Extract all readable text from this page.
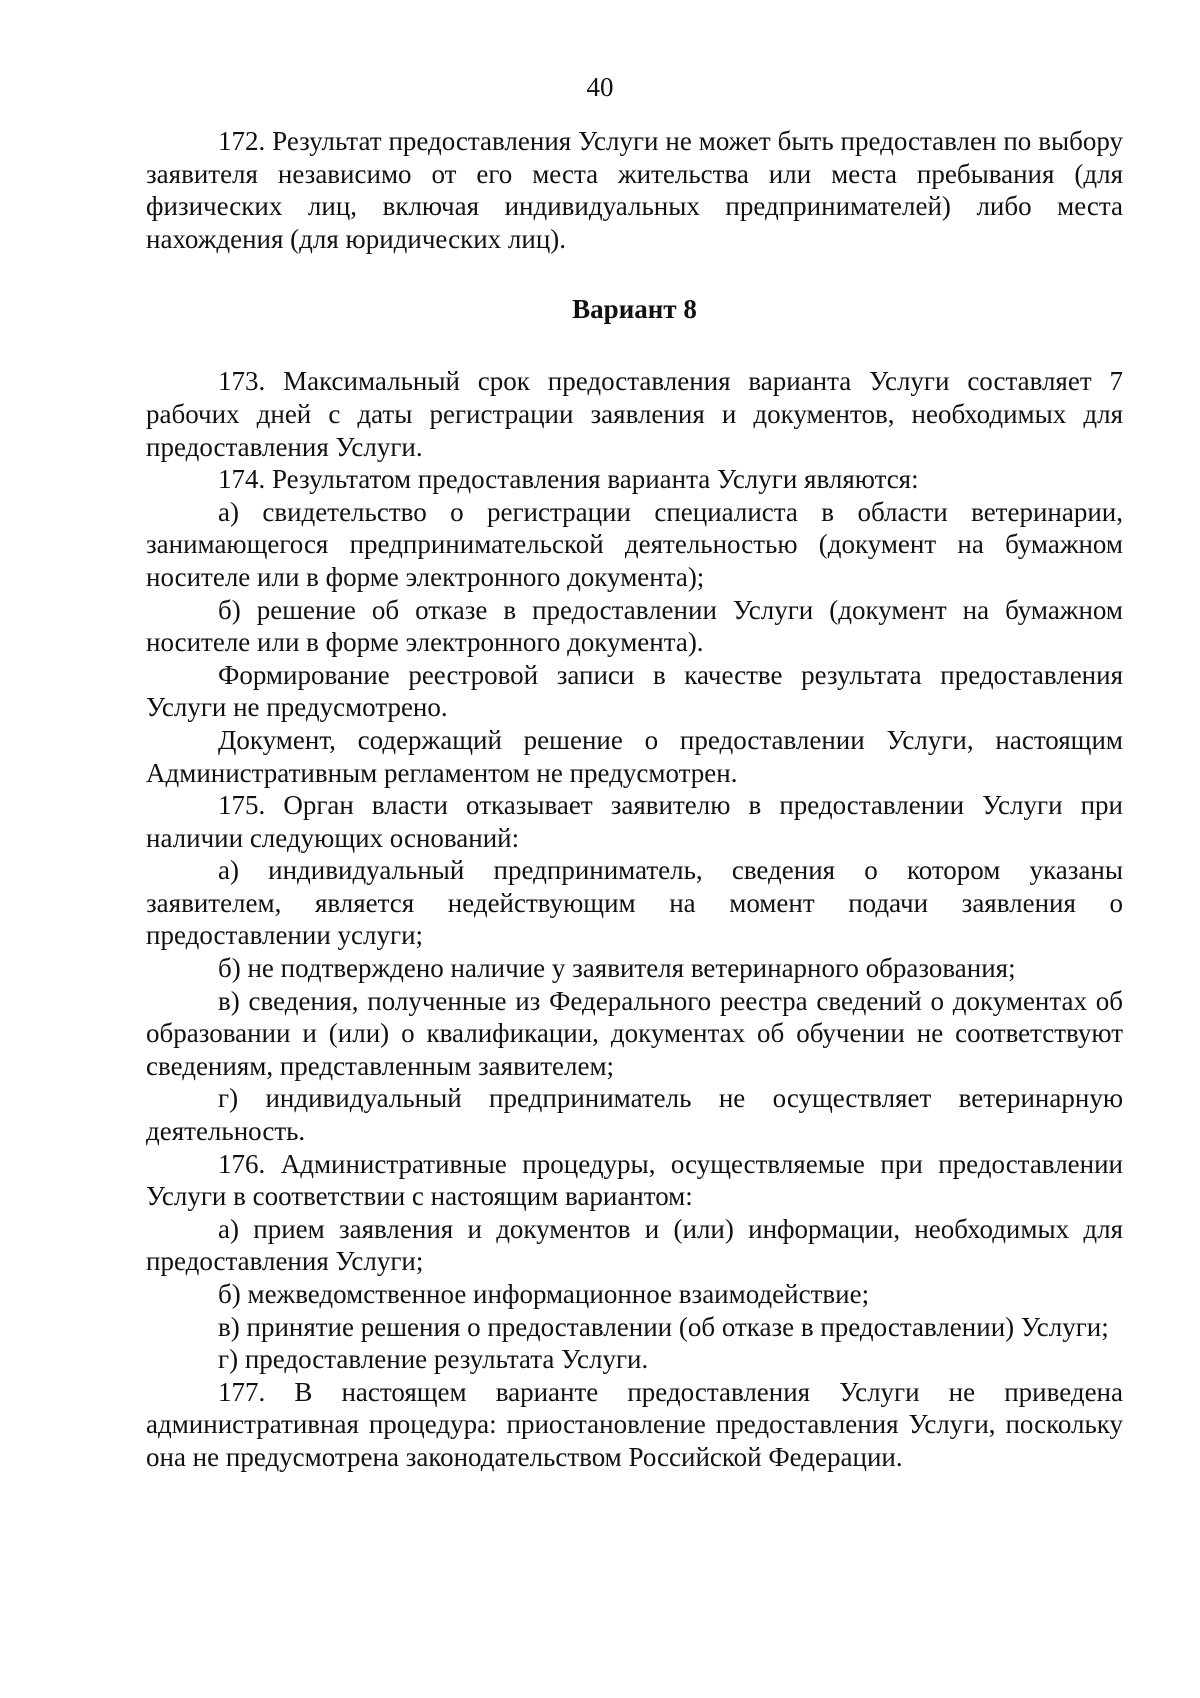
40

172. Результат предоставления Услуги не может быть предоставлен по выбору заявителя независимо от его места жительства или места пребывания (для физических лиц, включая индивидуальных предпринимателей) либо места нахождения (для юридических лиц).

Вариант 8

173. Максимальный срок предоставления варианта Услуги составляет 7 рабочих дней с даты регистрации заявления и документов, необходимых для предоставления Услуги.

174. Результатом предоставления варианта Услуги являются:

а) свидетельство о регистрации специалиста в области ветеринарии, занимающегося предпринимательской деятельностью (документ на бумажном носителе или в форме электронного документа);

б) решение об отказе в предоставлении Услуги (документ на бумажном носителе или в форме электронного документа).

Формирование реестровой записи в качестве результата предоставления Услуги не предусмотрено.

Документ, содержащий решение о предоставлении Услуги, настоящим Административным регламентом не предусмотрен.

175. Орган власти отказывает заявителю в предоставлении Услуги при наличии следующих оснований:

а) индивидуальный предприниматель, сведения о котором указаны заявителем, является недействующим на момент подачи заявления о предоставлении услуги;

б) не подтверждено наличие у заявителя ветеринарного образования;

в) сведения, полученные из Федерального реестра сведений о документах об образовании и (или) о квалификации, документах об обучении не соответствуют сведениям, представленным заявителем;

г) индивидуальный предприниматель не осуществляет ветеринарную деятельность.

176. Административные процедуры, осуществляемые при предоставлении Услуги в соответствии с настоящим вариантом:

а) прием заявления и документов и (или) информации, необходимых для предоставления Услуги;

б) межведомственное информационное взаимодействие;

в) принятие решения о предоставлении (об отказе в предоставлении) Услуги;

г) предоставление результата Услуги.

177. В настоящем варианте предоставления Услуги не приведена административная процедура: приостановление предоставления Услуги, поскольку она не предусмотрена законодательством Российской Федерации.
